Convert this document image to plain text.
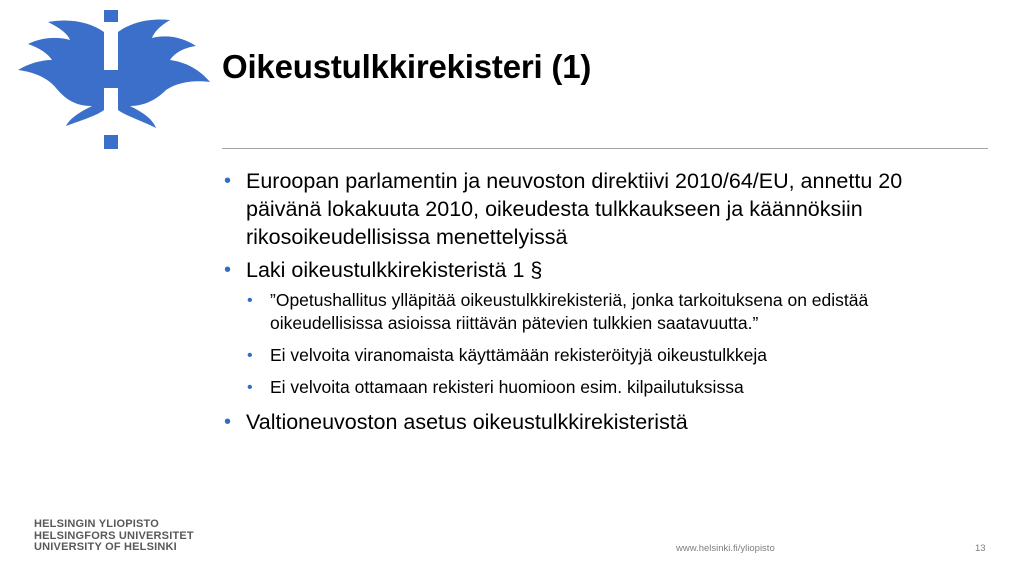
Oikeustulkkirekisteri (1)
• Euroopan parlamentin ja neuvoston direktiivi 2010/64/EU, annettu 20 päivänä lokakuuta 2010, oikeudesta tulkkaukseen ja käännöksiin rikosoikeudellisissa menettelyissä
• Laki oikeustulkkirekisteristä 1 §
• ”Opetushallitus ylläpitää oikeustulkkirekisteriä, jonka tarkoituksena on edistää oikeudellisissa asioissa riittävän pätevien tulkkien saatavuutta.”
• Ei velvoita viranomaista käyttämään rekisteröityjä oikeustulkkeja
• Ei velvoita ottamaan rekisteri huomioon esim. kilpailutuksissa
• Valtioneuvoston asetus oikeustulkkirekisteristä
HELSINGIN YLIOPISTO
HELSINGFORS UNIVERSITET
UNIVERSITY OF HELSINKI	www.helsinki.fi/yliopisto	13
